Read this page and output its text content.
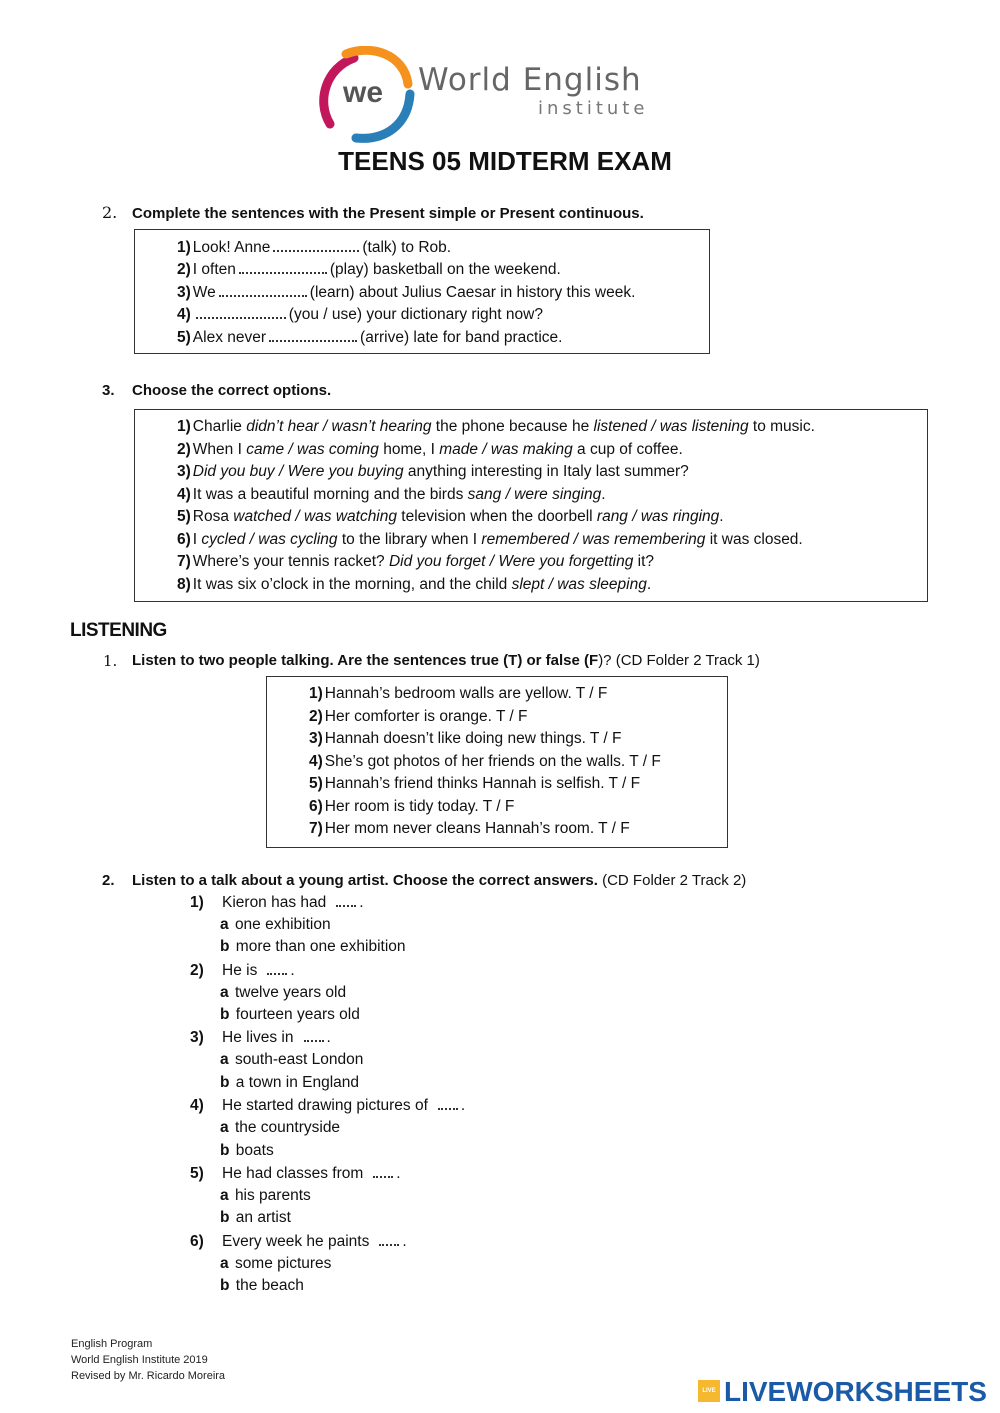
we World English
institute
TEENS 05 MIDTERM EXAM
2. Complete the sentences with the Present simple or Present continuous.
1) Look! Anne	(talk) to Rob.
2) I often	(play) basketball on the weekend.
3) We	(learn) about Julius Caesar in history this week.
4)	(you / use) your dictionary right now?
5) Alex never	(arrive) late for band practice.
3. Choose the correct options.
1) Charlie didn’t hear / wasn’t hearing the phone because he listened / was listening to music.
2) When I came / was coming home, I made / was making a cup of coffee.
3) Did you buy / Were you buying anything interesting in Italy last summer?
4) It was a beautiful morning and the birds sang / were singing.
5) Rosa watched / was watching television when the doorbell rang / was ringing.
6) I cycled / was cycling to the library when I remembered / was remembering it was closed.
7) Where’s your tennis racket? Did you forget / Were you forgetting it?
8) It was six o’clock in the morning, and the child slept / was sleeping.
LISTENING
1. Listen to two people talking. Are the sentences true (T) or false (F)? (CD Folder 2 Track 1)
1) Hannah’s bedroom walls are yellow. T / F
2) Her comforter is orange. T / F
3) Hannah doesn’t like doing new things. T / F
4) She’s got photos of her friends on the walls. T / F
5) Hannah’s friend thinks Hannah is selfish. T / F
6) Her room is tidy today. T / F
7) Her mom never cleans Hannah’s room. T / F
2. Listen to a talk about a young artist. Choose the correct answers. (CD Folder 2 Track 2)
1) Kieron has had .
a one exhibition
b more than one exhibition
2) He is .
a twelve years old
b fourteen years old
3) He lives in .
a south-east London
b a town in England
4) He started drawing pictures of .
a the countryside
b boats
5) He had classes from .
a his parents
b an artist
6) Every week he paints .
a some pictures
b the beach
English Program
World English Institute 2019
Revised by Mr. Ricardo Moreira
LIVE LIVEWORKSHEETS
